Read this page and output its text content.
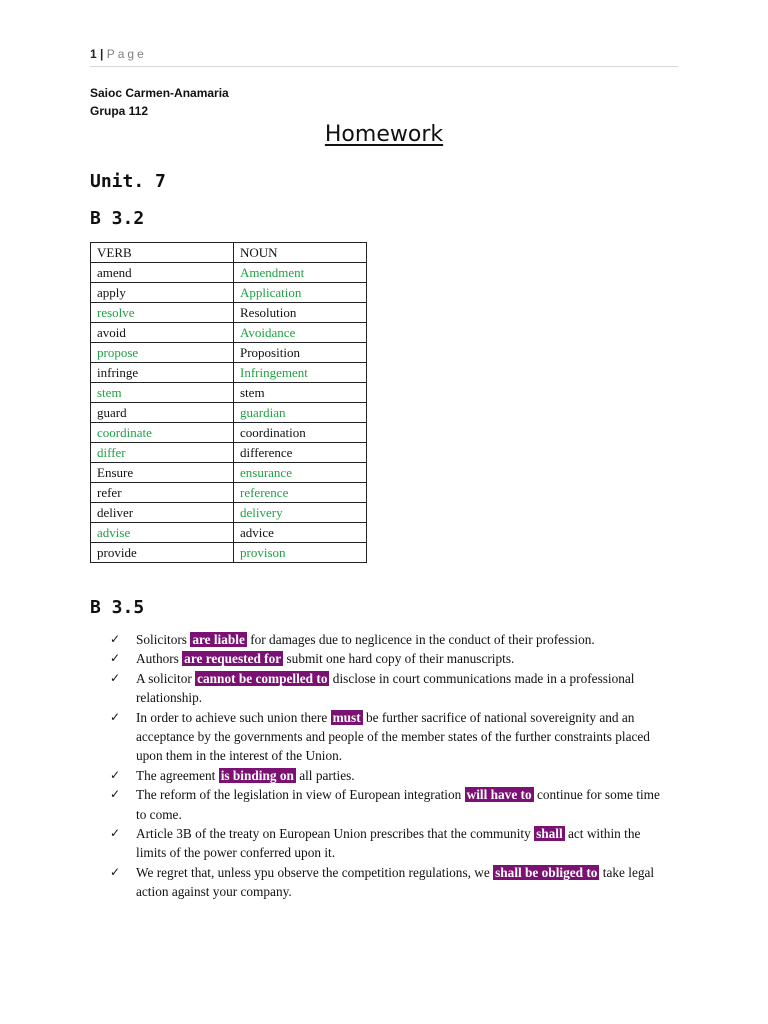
1 | Page
Saioc Carmen-Anamaria
Grupa 112
Homework
Unit. 7
B 3.2
VERB	NOUN
amend	Amendment
apply	Application
resolve	Resolution
avoid	Avoidance
propose	Proposition
infringe	Infringement
stem	stem
guard	guardian
coordinate	coordination
differ	difference
Ensure	ensurance
refer	reference
deliver	delivery
advise	advice
provide	provison
B 3.5
✓ Solicitors are liable for damages due to neglicence in the conduct of their profession.
✓ Authors are requested for submit one hard copy of their manuscripts.
✓ A solicitor cannot be compelled to disclose in court communications made in a professional relationship.
✓ In order to achieve such union there must be further sacrifice of national sovereignity and an acceptance by the governments and people of the member states of the further constraints placed upon them in the interest of the Union.
✓ The agreement is binding on all parties.
✓ The reform of the legislation in view of European integration will have to continue for some time to come.
✓ Article 3B of the treaty on European Union prescribes that the community shall act within the limits of the power conferred upon it.
✓ We regret that, unless ypu observe the competition regulations, we shall be obliged to take legal action against your company.
